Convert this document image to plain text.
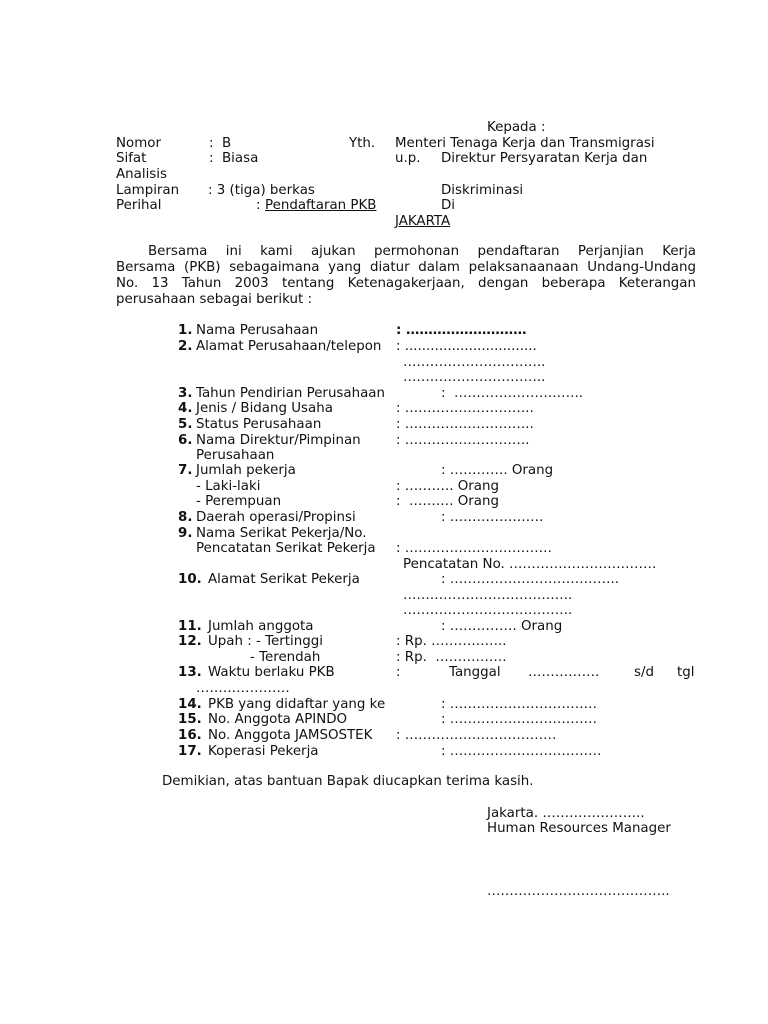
Kepada :
Nomor	: B	Yth. Menteri Tenaga Kerja dan Transmigrasi
Sifat	: Biasa	u.p. Direktur Persyaratan Kerja dan
Analisis
Lampiran : 3 (tiga) berkas	Diskriminasi
Perihal	: Pendaftaran PKB	Di
JAKARTA
Bersama ini kami ajukan permohonan pendaftaran Perjanjian Kerja
Bersama (PKB) sebagaimana yang diatur dalam pelaksanaanaan Undang-Undang
No. 13 Tahun 2003 tentang Ketenagakerjaan, dengan beberapa Keterangan
perusahaan sebagai berikut :
1. Nama Perusahaan	: ………………………
2. Alamat Perusahaan/telepon : ...............................
…………………………..
…………………………..
3. Tahun Pendirian Perusahaan	:  ………………………..
4. Jenis / Bidang Usaha	: ………………………..
5. Status Perusahaan	: ………………………..
6. Nama Direktur/Pimpinan	: ……………………….
Perusahaan
7. Jumlah pekerja	: …………. Orang
- Laki-laki	: ……….. Orang
- Perempuan	:  ………. Orang
8. Daerah operasi/Propinsi	: …………………
9. Nama Serikat Pekerja/No.
Pencatatan Serikat Pekerja : ……………………………
Pencatatan No. ……………………………
10. Alamat Serikat Pekerja	: ………………………………..
………………………………..
………………………………..
11. Jumlah anggota	: …………… Orang
12. Upah : - Tertinggi	: Rp. ……………..
- Terendah	: Rp.  …………….
13. Waktu berlaku PKB	:	Tanggal …………….	s/d tgl
…………………
14. PKB yang didaftar yang ke	: ……………………………
15. No. Anggota APINDO	: ……………………………
16. No. Anggota JAMSOSTEK : …………………………….
17. Koperasi Pekerja	: …………………………….
Demikian, atas bantuan Bapak diucapkan terima kasih.
Jakarta. …………………..
Human Resources Manager
…………………………………..
